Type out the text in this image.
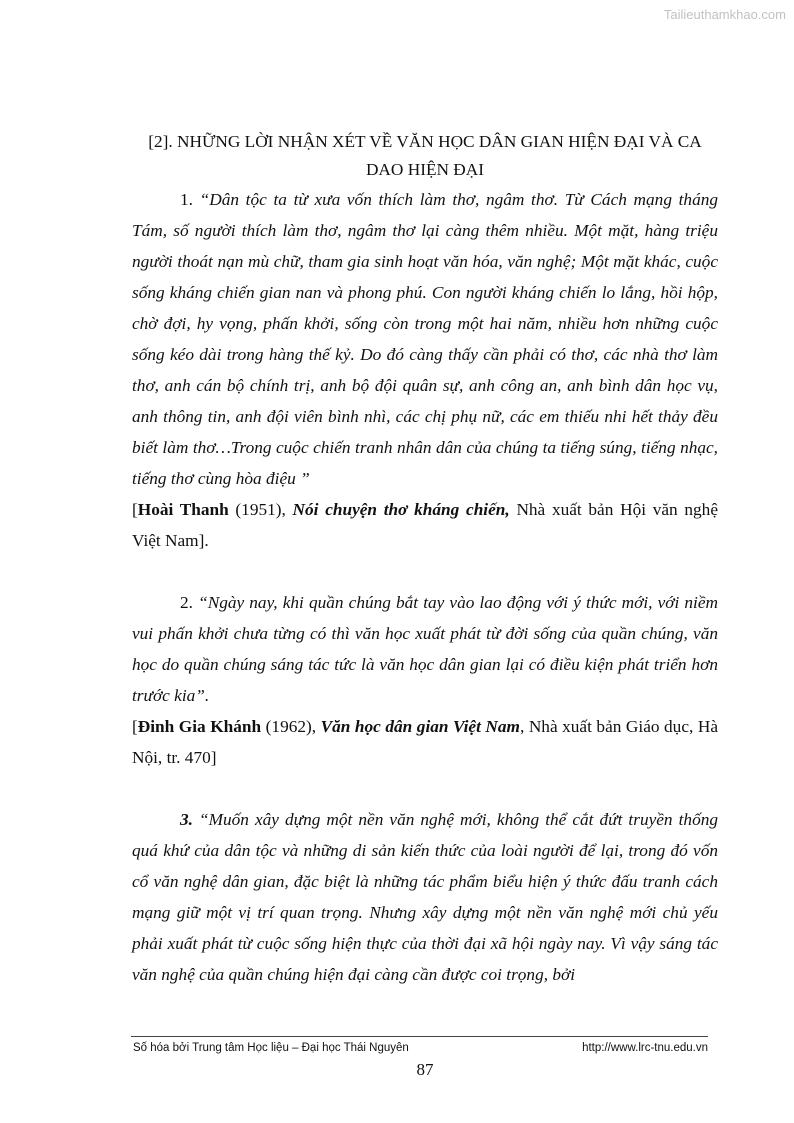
Tailieuthamkhao.com
[2]. NHỮNG LỜI NHẬN XÉT VỀ VĂN HỌC DÂN GIAN HIỆN ĐẠI VÀ CA
DAO HIỆN ĐẠI

1. “Dân tộc ta từ xưa vốn thích làm thơ, ngâm thơ. Từ Cách mạng tháng Tám, số người thích làm thơ, ngâm thơ lại càng thêm nhiều. Một mặt, hàng triệu người thoát nạn mù chữ, tham gia sinh hoạt văn hóa, văn nghệ; Một mặt khác, cuộc sống kháng chiến gian nan và phong phú. Con người kháng chiến lo lắng, hồi hộp, chờ đợi, hy vọng, phấn khởi, sống còn trong một hai năm, nhiều hơn những cuộc sống kéo dài trong hàng thế kỷ. Do đó càng thấy cần phải có thơ, các nhà thơ làm thơ, anh cán bộ chính trị, anh bộ đội quân sự, anh công an, anh bình dân học vụ, anh thông tin, anh đội viên bình nhì, các chị phụ nữ, các em thiếu nhi hết thảy đều biết làm thơ…Trong cuộc chiến tranh nhân dân của chúng ta tiếng súng, tiếng nhạc, tiếng thơ cùng hòa điệu ”

[Hoài Thanh (1951), Nói chuyện thơ kháng chiến, Nhà xuất bản Hội văn nghệ Việt Nam].

2. “Ngày nay, khi quần chúng bắt tay vào lao động với ý thức mới, với niềm vui phấn khởi chưa từng có thì văn học xuất phát từ đời sống của quần chúng, văn học do quần chúng sáng tác tức là văn học dân gian lại có điều kiện phát triển hơn trước kia”.

[Đinh Gia Khánh (1962), Văn học dân gian Việt Nam, Nhà xuất bản Giáo dục, Hà Nội, tr. 470]

3. “Muốn xây dựng một nền văn nghệ mới, không thể cắt đứt truyền thống quá khứ của dân tộc và những di sản kiến thức của loài người để lại, trong đó vốn cổ văn nghệ dân gian, đặc biệt là những tác phẩm biểu hiện ý thức đấu tranh cách mạng giữ một vị trí quan trọng. Nhưng xây dựng một nền văn nghệ mới chủ yếu phải xuất phát từ cuộc sống hiện thực của thời đại xã hội ngày nay. Vì vậy sáng tác văn nghệ của quần chúng hiện đại càng cần được coi trọng, bởi

Số hóa bởi Trung tâm Học liệu – Đại học Thái Nguyên	http://www.lrc-tnu.edu.vn
87
